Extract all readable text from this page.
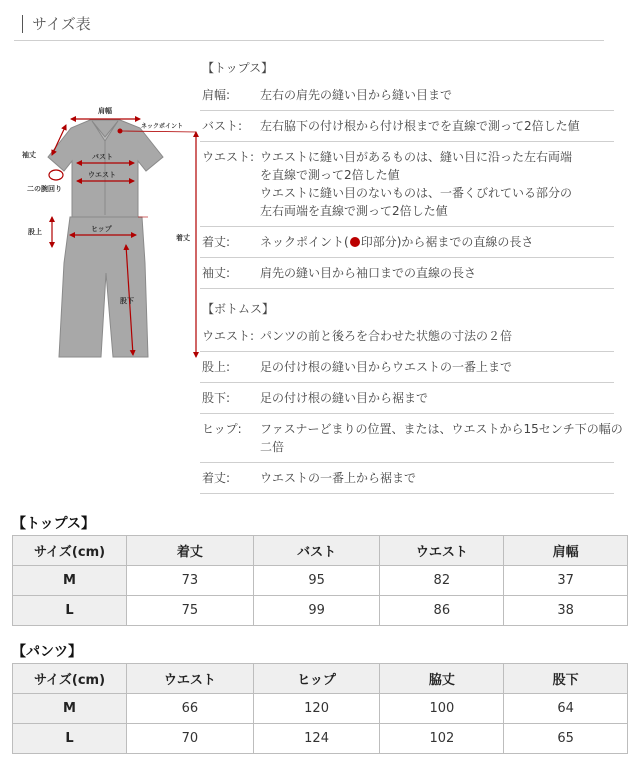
サイズ表
肩幅
ネックポイント
袖丈	バスト
ウエスト
二の腕回り
股上	ヒップ
着丈
股下
【トップス】
肩幅:	左右の肩先の縫い目から縫い目まで
バスト:	左右脇下の付け根から付け根までを直線で測って2倍した値
ウエスト: ウエストに縫い目があるものは、縫い目に沿った左右両端
を直線で測って2倍した値
ウエストに縫い目のないものは、一番くびれている部分の
左右両端を直線で測って2倍した値
着丈:	ネックポイント( 印部分)から裾までの直線の長さ
袖丈:	肩先の縫い目から袖口までの直線の長さ
【ボトムス】
ウエスト: パンツの前と後ろを合わせた状態の寸法の２倍
股上:	足の付け根の縫い目からウエストの一番上まで
股下:	足の付け根の縫い目から裾まで
ヒップ:	ファスナーどまりの位置、または、ウエストから15センチ下の幅の
二倍
着丈:	ウエストの一番上から裾まで
【トップス】
サイズ(cm)	着丈	バスト	ウエスト	肩幅
M	73	95	82	37
L	75	99	86	38
【パンツ】
サイズ(cm)	ウエスト	ヒップ	脇丈	股下
M	66	120	100	64
L	70	124	102	65
